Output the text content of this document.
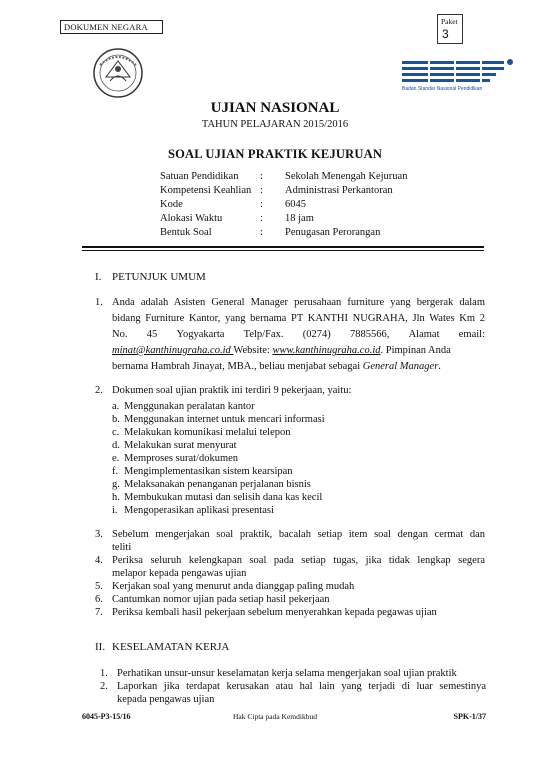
DOKUMEN NEGARA
Paket
3
Badan Standar Nasional Pendidikan
UJIAN NASIONAL
TAHUN PELAJARAN 2015/2016
SOAL UJIAN PRAKTIK KEJURUAN
Satuan Pendidikan	:	Sekolah Menengah Kejuruan
Kompetensi Keahlian :	Administrasi Perkantoran
Kode	:	6045
Alokasi Waktu	:	18 jam
Bentuk Soal	:	Penugasan Perorangan
I. PETUNJUK UMUM
1. Anda adalah Asisten General Manager perusahaan furniture yang bergerak dalam
bidang Furniture Kantor, yang bernama PT KANTHI NUGRAHA, Jln Wates Km 2
No. 45 Yogyakarta Telp/Fax. (0274) 7885566, Alamat email:
minat@kanthinugraha.co.id Website: www.kanthinugraha.co.id. Pimpinan Anda
bernama Hambrah Jinayat, MBA., beliau menjabat sebagai General Manager.
2. Dokumen soal ujian praktik ini terdiri 9 pekerjaan, yaitu:
a. Menggunakan peralatan kantor
b. Menggunakan internet untuk mencari informasi
c. Melakukan komunikasi melalui telepon
d. Melakukan surat menyurat
e. Memproses surat/dokumen
f. Mengimplementasikan sistem kearsipan
g. Melaksanakan penanganan perjalanan bisnis
h. Membukukan mutasi dan selisih dana kas kecil
i. Mengoperasikan aplikasi presentasi
3. Sebelum mengerjakan soal praktik, bacalah setiap item soal dengan cermat dan
teliti
4. Periksa seluruh kelengkapan soal pada setiap tugas, jika tidak lengkap segera
melapor kepada pengawas ujian
5. Kerjakan soal yang menurut anda dianggap paling mudah
6. Cantumkan nomor ujian pada setiap hasil pekerjaan
7. Periksa kembali hasil pekerjaan sebelum menyerahkan kepada pegawas ujian
II. KESELAMATAN KERJA
1. Perhatikan unsur-unsur keselamatan kerja selama mengerjakan soal ujian praktik
2. Laporkan jika terdapat kerusakan atau hal lain yang terjadi di luar semestinya
kepada pengawas ujian
6045-P3-15/16	Hak Cipta pada Kemdikbud	SPK-1/37
